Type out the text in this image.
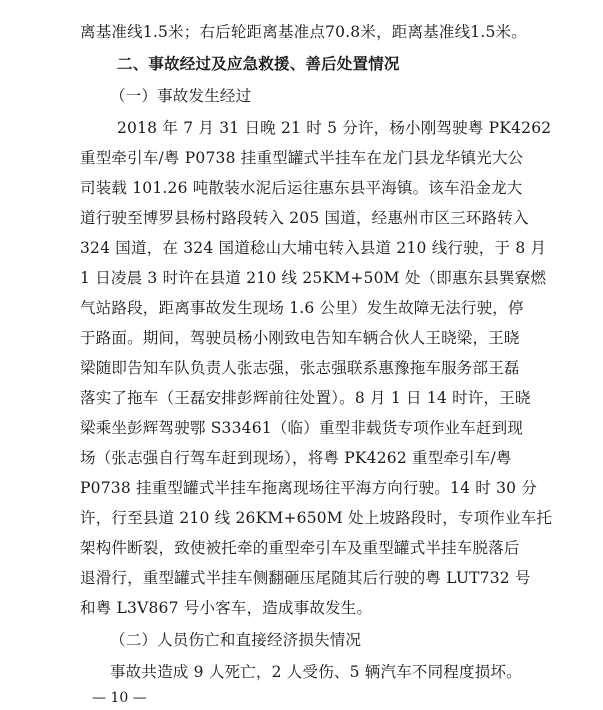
离基准线1.5米；右后轮距离基准点70.8米，距离基准线1.5米。
二、事故经过及应急救援、善后处置情况
（一）事故发生经过
2018 年 7 月 31 日晚 21 时 5 分许，杨小刚驾驶粤 PK4262
重型牵引车/粤 P0738 挂重型罐式半挂车在龙门县龙华镇光大公
司装载 101.26 吨散装水泥后运往惠东县平海镇。该车沿金龙大
道行驶至博罗县杨村路段转入 205 国道，经惠州市区三环路转入
324 国道，在 324 国道稔山大埔屯转入县道 210 线行驶，于 8 月
1 日凌晨 3 时许在县道 210 线 25KM+50M 处（即惠东县巽寮燃
气站路段，距离事故发生现场 1.6 公里）发生故障无法行驶，停
于路面。期间，驾驶员杨小刚致电告知车辆合伙人王晓梁，王晓
梁随即告知车队负责人张志强，张志强联系惠豫拖车服务部王磊
落实了拖车（王磊安排彭辉前往处置）。8 月 1 日 14 时许，王晓
梁乘坐彭辉驾驶鄂 S33461（临）重型非载货专项作业车赶到现
场（张志强自行驾车赶到现场），将粤 PK4262 重型牵引车/粤
P0738 挂重型罐式半挂车拖离现场往平海方向行驶。14 时 30 分
许，行至县道 210 线 26KM+650M 处上坡路段时，专项作业车托
架构件断裂，致使被托牵的重型牵引车及重型罐式半挂车脱落后
退滑行，重型罐式半挂车侧翻砸压尾随其后行驶的粤 LUT732 号
和粤 L3V867 号小客车，造成事故发生。
（二）人员伤亡和直接经济损失情况
事故共造成 9 人死亡，2 人受伤、5 辆汽车不同程度损坏。
— 10 —
